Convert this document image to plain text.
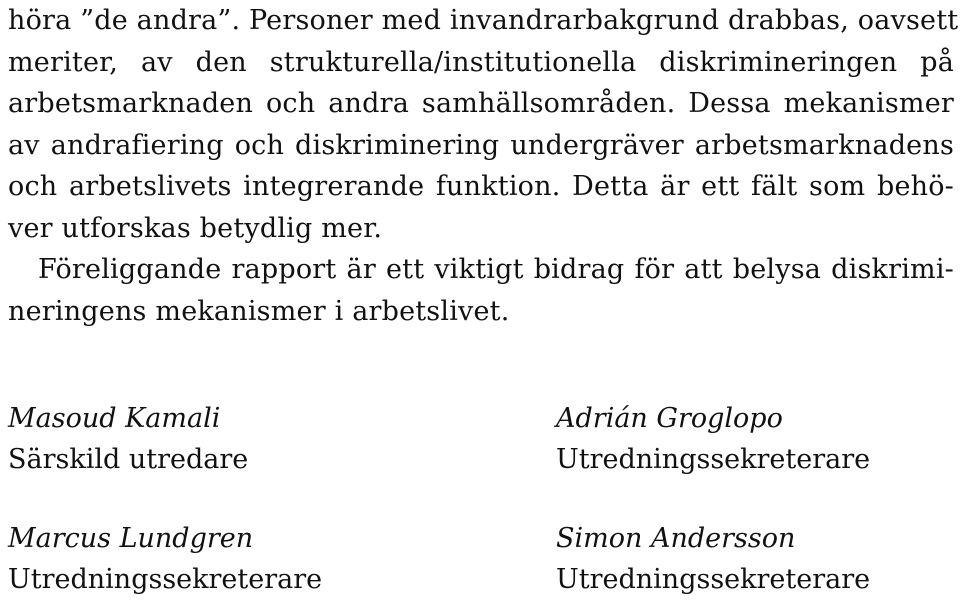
höra ”de andra”. Personer med invandrarbakgrund drabbas, oavsett
meriter, av den strukturella/institutionella diskrimineringen på
arbetsmarknaden och andra samhällsområden. Dessa mekanismer
av andrafiering och diskriminering undergräver arbetsmarknadens
och arbetslivets integrerande funktion. Detta är ett fält som behö-
ver utforskas betydlig mer.

Föreliggande rapport är ett viktigt bidrag för att belysa diskrimi-
neringens mekanismer i arbetslivet.

Masoud Kamali
Särskild utredare
Adrián Groglopo
Utredningssekreterare
Marcus Lundgren
Utredningssekreterare
Simon Andersson
Utredningssekreterare
